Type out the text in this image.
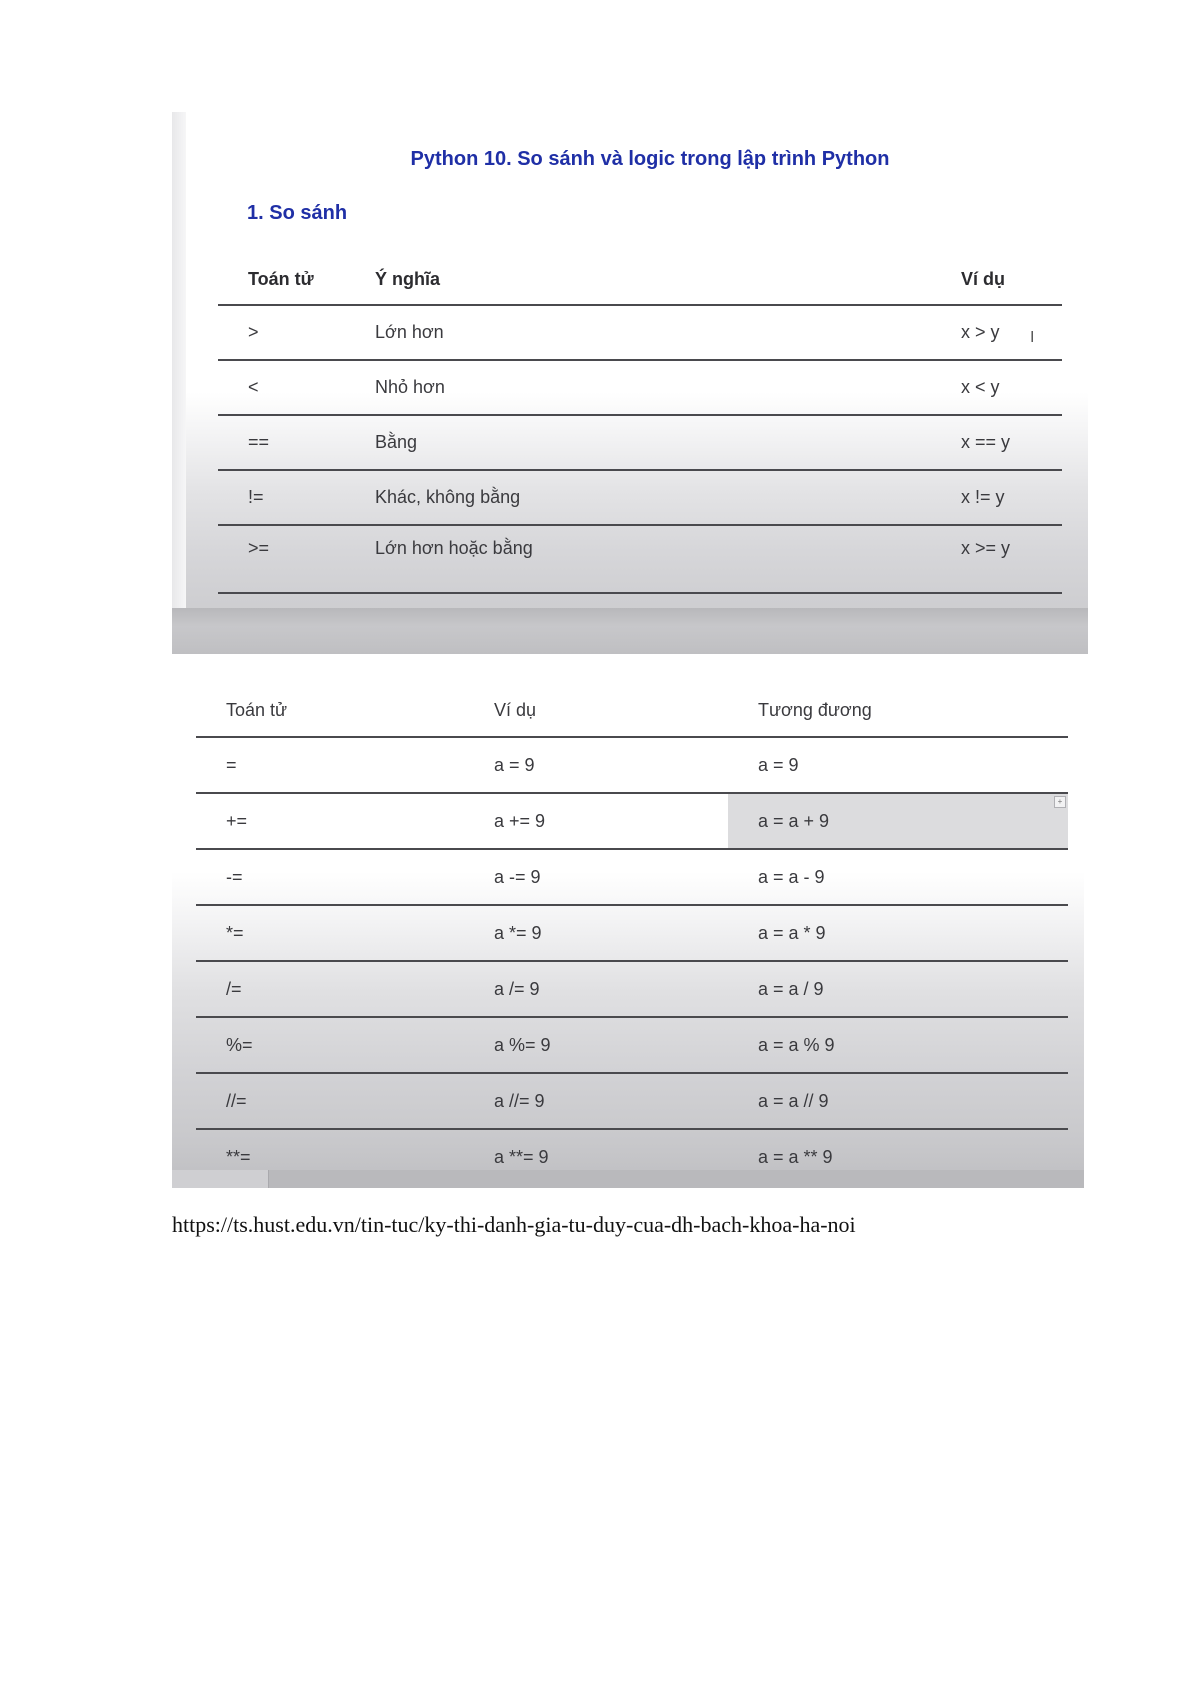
Python 10. So sánh và logic trong lập trình Python
1. So sánh
Toán tử	Ý nghĩa	Ví dụ
>	Lớn hơn	x > y I
<	Nhỏ hơn	x < y
==	Bằng	x == y
!=	Khác, không bằng	x != y
>=	Lớn hơn hoặc bằng	x >= y
Toán tử	Ví dụ	Tương đương
=	a = 9	a = 9
+
+=	a += 9	a = a + 9
-=	a -= 9	a = a - 9
*=	a *= 9	a = a * 9
/=	a /= 9	a = a / 9
%=	a %= 9	a = a % 9
//=	a //= 9	a = a // 9
**=	a **= 9	a = a ** 9
https://ts.hust.edu.vn/tin-tuc/ky-thi-danh-gia-tu-duy-cua-dh-bach-khoa-ha-noi
